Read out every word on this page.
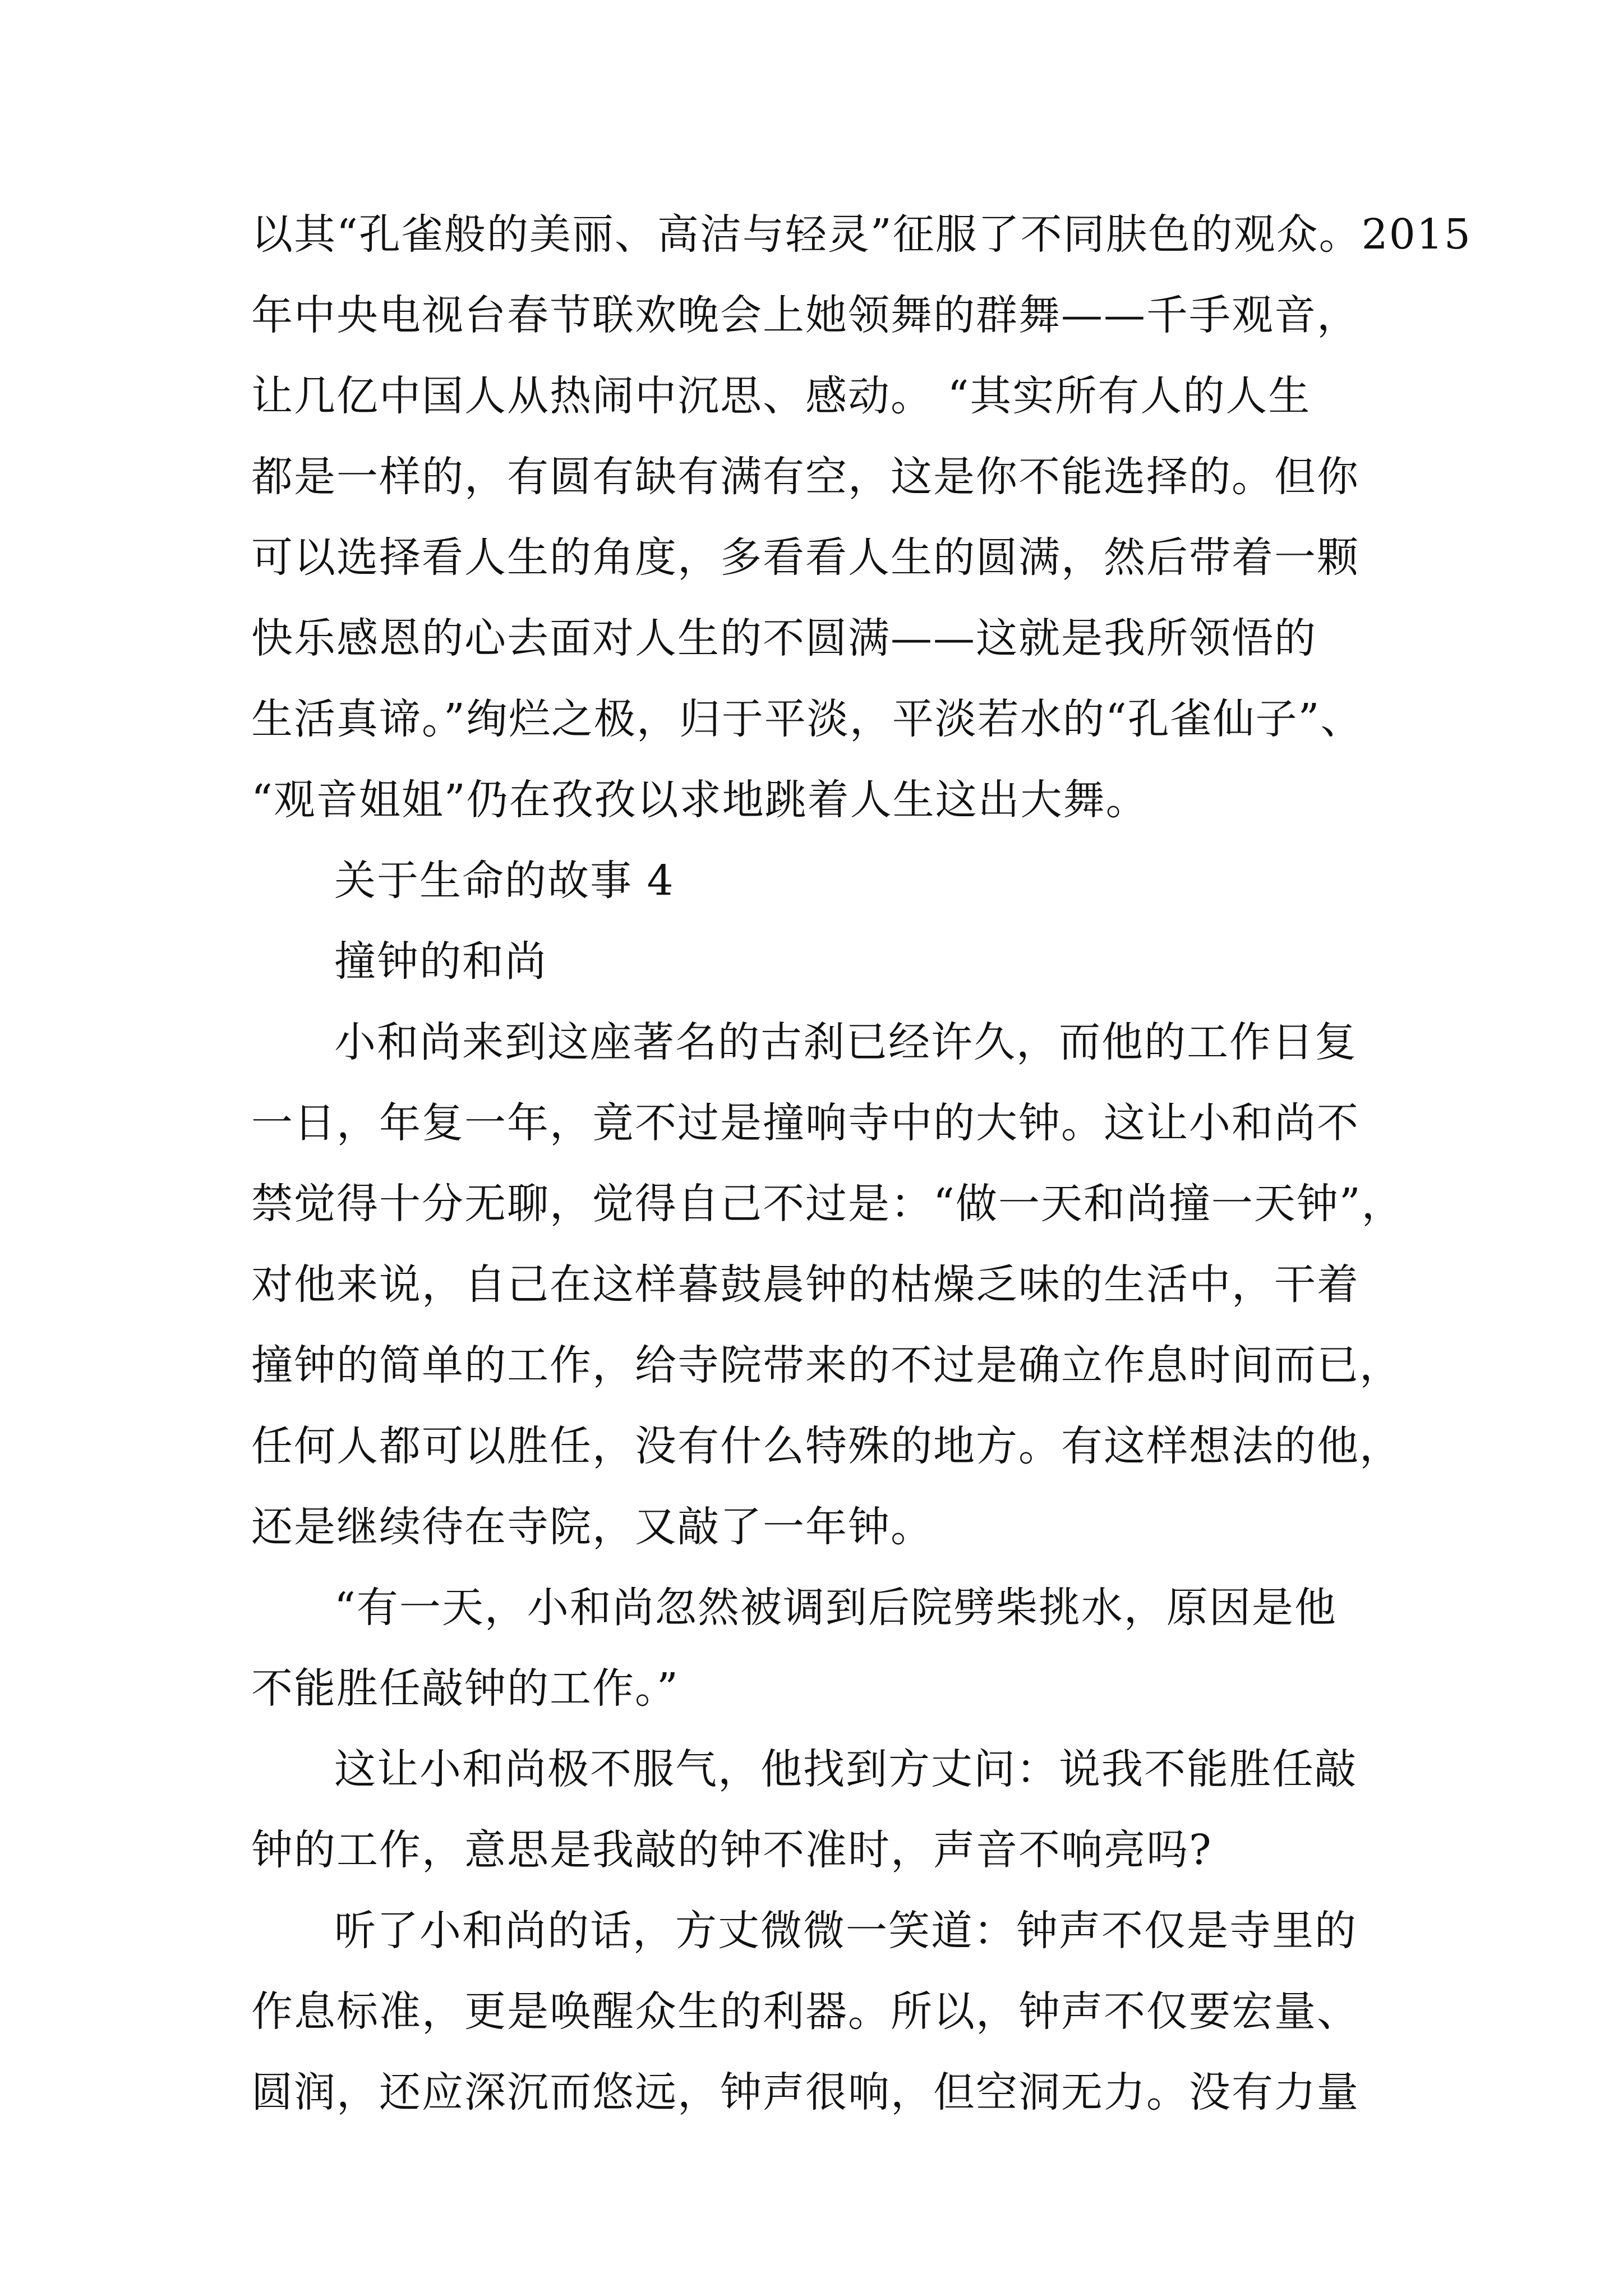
以其“孔雀般的美丽、高洁与轻灵”征服了不同肤色的观众。2015
年中央电视台春节联欢晚会上她领舞的群舞——千手观音，
让几亿中国人从热闹中沉思、感动。 “其实所有人的人生
都是一样的，有圆有缺有满有空，这是你不能选择的。但你
可以选择看人生的角度，多看看人生的圆满，然后带着一颗
快乐感恩的心去面对人生的不圆满——这就是我所领悟的
生活真谛。”绚烂之极，归于平淡，平淡若水的“孔雀仙子”、
“观音姐姐”仍在孜孜以求地跳着人生这出大舞。
关于生命的故事 4
撞钟的和尚
小和尚来到这座著名的古刹已经许久，而他的工作日复
一日，年复一年，竟不过是撞响寺中的大钟。这让小和尚不
禁觉得十分无聊，觉得自己不过是：“做一天和尚撞一天钟”，
对他来说，自己在这样暮鼓晨钟的枯燥乏味的生活中，干着
撞钟的简单的工作，给寺院带来的不过是确立作息时间而已，
任何人都可以胜任，没有什么特殊的地方。有这样想法的他，
还是继续待在寺院，又敲了一年钟。
“有一天，小和尚忽然被调到后院劈柴挑水，原因是他
不能胜任敲钟的工作。”
这让小和尚极不服气，他找到方丈问：说我不能胜任敲
钟的工作，意思是我敲的钟不准时，声音不响亮吗?
听了小和尚的话，方丈微微一笑道：钟声不仅是寺里的
作息标准，更是唤醒众生的利器。所以，钟声不仅要宏量、
圆润，还应深沉而悠远，钟声很响，但空洞无力。没有力量
